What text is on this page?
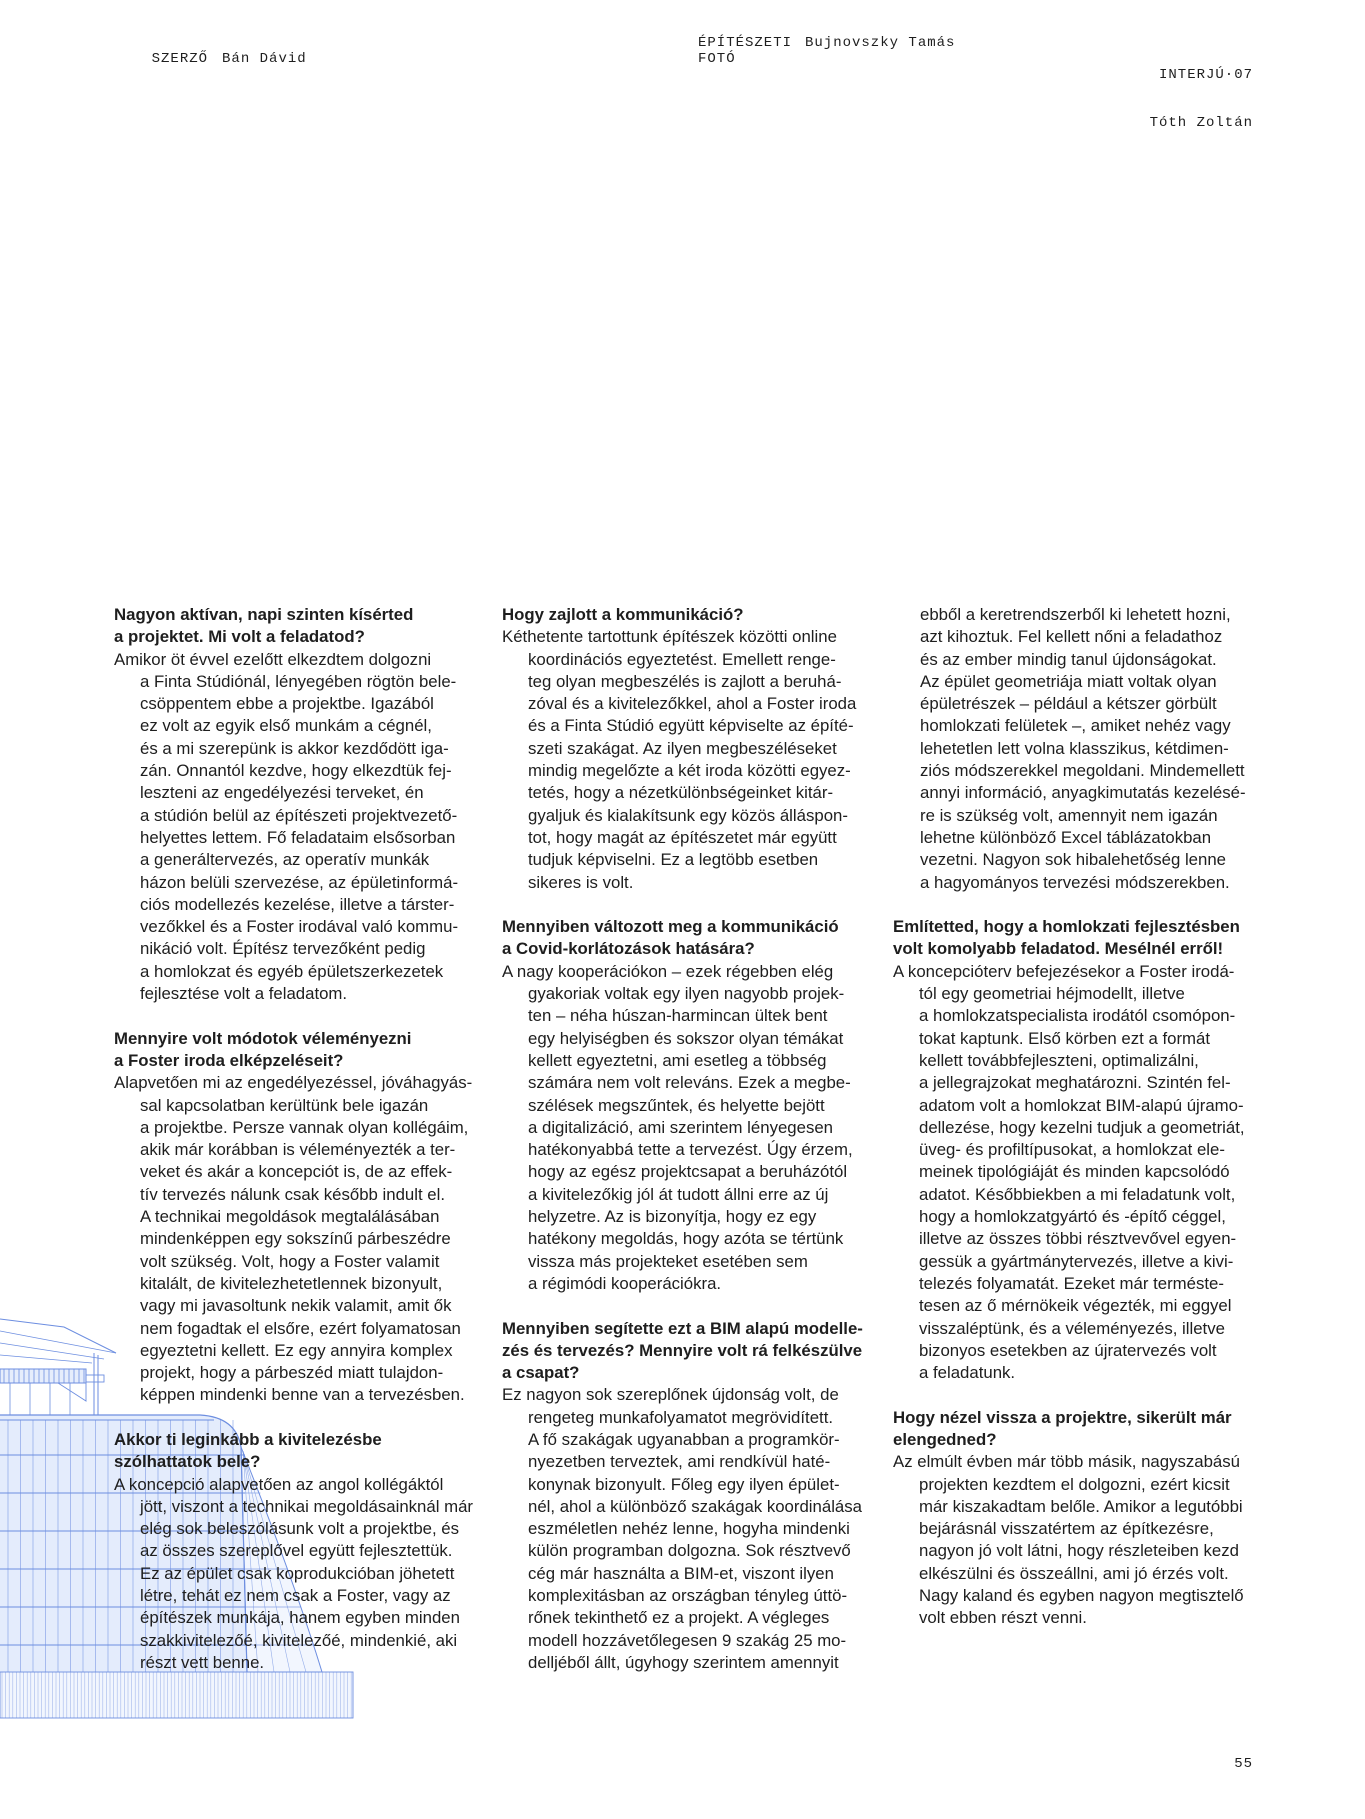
SZERZŐ Bán Dávid

ÉPÍTÉSZETI
FOTÓ
Bujnovszky Tamás

INTERJÚ·07

Tóth Zoltán

Nagyon aktívan, napi szinten kísérted
a projektet. Mi volt a feladatod?
Amikor öt évvel ezelőtt elkezdtem dolgozni
a Finta Stúdiónál, lényegében rögtön bele-
csöppentem ebbe a projektbe. Igazából
ez volt az egyik első munkám a cégnél,
és a mi szerepünk is akkor kezdődött iga-
zán. Onnantól kezdve, hogy elkezdtük fej-
leszteni az engedélyezési terveket, én
a stúdión belül az építészeti projektvezető-
helyettes lettem. Fő feladataim elsősorban
a generáltervezés, az operatív munkák
házon belüli szervezése, az épületinformá-
ciós modellezés kezelése, illetve a társter-
vezőkkel és a Foster irodával való kommu-
nikáció volt. Építész tervezőként pedig
a homlokzat és egyéb épületszerkezetek
fejlesztése volt a feladatom.
Mennyire volt módotok véleményezni
a Foster iroda elképzeléseit?
Alapvetően mi az engedélyezéssel, jóváhagyás-
sal kapcsolatban kerültünk bele igazán
a projektbe. Persze vannak olyan kollégáim,
akik már korábban is véleményezték a ter-
veket és akár a koncepciót is, de az effek-
tív tervezés nálunk csak később indult el.
A technikai megoldások megtalálásában
mindenképpen egy sokszínű párbeszédre
volt szükség. Volt, hogy a Foster valamit
kitalált, de kivitelezhetetlennek bizonyult,
vagy mi javasoltunk nekik valamit, amit ők
nem fogadtak el elsőre, ezért folyamatosan
egyeztetni kellett. Ez egy annyira komplex
projekt, hogy a párbeszéd miatt tulajdon-
képpen mindenki benne van a tervezésben.
Akkor ti leginkább a kivitelezésbe
szólhattatok bele?
A koncepció alapvetően az angol kollégáktól
jött, viszont a technikai megoldásainknál már
elég sok beleszólásunk volt a projektbe, és
az összes szereplővel együtt fejlesztettük.
Ez az épület csak koprodukcióban jöhetett
létre, tehát ez nem csak a Foster, vagy az
építészek munkája, hanem egyben minden
szakkivitelezőé, kivitelezőé, mindenkié, aki
részt vett benne.
Hogy zajlott a kommunikáció?
Kéthetente tartottunk építészek közötti online
koordinációs egyeztetést. Emellett renge-
teg olyan megbeszélés is zajlott a beruhá-
zóval és a kivitelezőkkel, ahol a Foster iroda
és a Finta Stúdió együtt képviselte az építé-
szeti szakágat. Az ilyen megbeszéléseket
mindig megelőzte a két iroda közötti egyez-
tetés, hogy a nézetkülönbségeinket kitár-
gyaljuk és kialakítsunk egy közös álláspon-
tot, hogy magát az építészetet már együtt
tudjuk képviselni. Ez a legtöbb esetben
sikeres is volt.
Mennyiben változott meg a kommunikáció
a Covid-korlátozások hatására?
A nagy kooperációkon – ezek régebben elég
gyakoriak voltak egy ilyen nagyobb projek-
ten – néha húszan-harmincan ültek bent
egy helyiségben és sokszor olyan témákat
kellett egyeztetni, ami esetleg a többség
számára nem volt releváns. Ezek a megbe-
szélések megszűntek, és helyette bejött
a digitalizáció, ami szerintem lényegesen
hatékonyabbá tette a tervezést. Úgy érzem,
hogy az egész projektcsapat a beruházótól
a kivitelezőkig jól át tudott állni erre az új
helyzetre. Az is bizonyítja, hogy ez egy
hatékony megoldás, hogy azóta se tértünk
vissza más projekteket esetében sem
a régimódi kooperációkra.
Mennyiben segítette ezt a BIM alapú modelle-
zés és tervezés? Mennyire volt rá felkészülve
a csapat?
Ez nagyon sok szereplőnek újdonság volt, de
rengeteg munkafolyamatot megrövidített.
A fő szakágak ugyanabban a programkör-
nyezetben terveztek, ami rendkívül haté-
konynak bizonyult. Főleg egy ilyen épület-
nél, ahol a különböző szakágak koordinálása
eszméletlen nehéz lenne, hogyha mindenki
külön programban dolgozna. Sok résztvevő
cég már használta a BIM-et, viszont ilyen
komplexitásban az országban tényleg úttö-
rőnek tekinthető ez a projekt. A végleges
modell hozzávetőlegesen 9 szakág 25 mo-
delljéből állt, úgyhogy szerintem amennyit
ebből a keretrendszerből ki lehetett hozni,
azt kihoztuk. Fel kellett nőni a feladathoz
és az ember mindig tanul újdonságokat.
Az épület geometriája miatt voltak olyan
épületrészek – például a kétszer görbült
homlokzati felületek –, amiket nehéz vagy
lehetetlen lett volna klasszikus, kétdimen-
ziós módszerekkel megoldani. Mindemellett
annyi információ, anyagkimutatás kezelésé-
re is szükség volt, amennyit nem igazán
lehetne különböző Excel táblázatokban
vezetni. Nagyon sok hibalehetőség lenne
a hagyományos tervezési módszerekben.
Említetted, hogy a homlokzati fejlesztésben
volt komolyabb feladatod. Mesélnél erről!
A koncepcióterv befejezésekor a Foster irodá-
tól egy geometriai héjmodellt, illetve
a homlokzatspecialista irodától csomópon-
tokat kaptunk. Első körben ezt a formát
kellett továbbfejleszteni, optimalizálni,
a jellegrajzokat meghatározni. Szintén fel-
adatom volt a homlokzat BIM-alapú újramo-
dellezése, hogy kezelni tudjuk a geometriát,
üveg- és profiltípusokat, a homlokzat ele-
meinek tipológiáját és minden kapcsolódó
adatot. Későbbiekben a mi feladatunk volt,
hogy a homlokzatgyártó és -építő céggel,
illetve az összes többi résztvevővel egyen-
gessük a gyártmánytervezés, illetve a kivi-
telezés folyamatát. Ezeket már terméste-
tesen az ő mérnökeik végezték, mi eggyel
visszaléptünk, és a véleményezés, illetve
bizonyos esetekben az újratervezés volt
a feladatunk.
Hogy nézel vissza a projektre, sikerült már
elengedned?
Az elmúlt évben már több másik, nagyszabású
projekten kezdtem el dolgozni, ezért kicsit
már kiszakadtam belőle. Amikor a legutóbbi
bejárásnál visszatértem az építkezésre,
nagyon jó volt látni, hogy részleteiben kezd
elkészülni és összeállni, ami jó érzés volt.
Nagy kaland és egyben nagyon megtisztelő
volt ebben részt venni.
55
